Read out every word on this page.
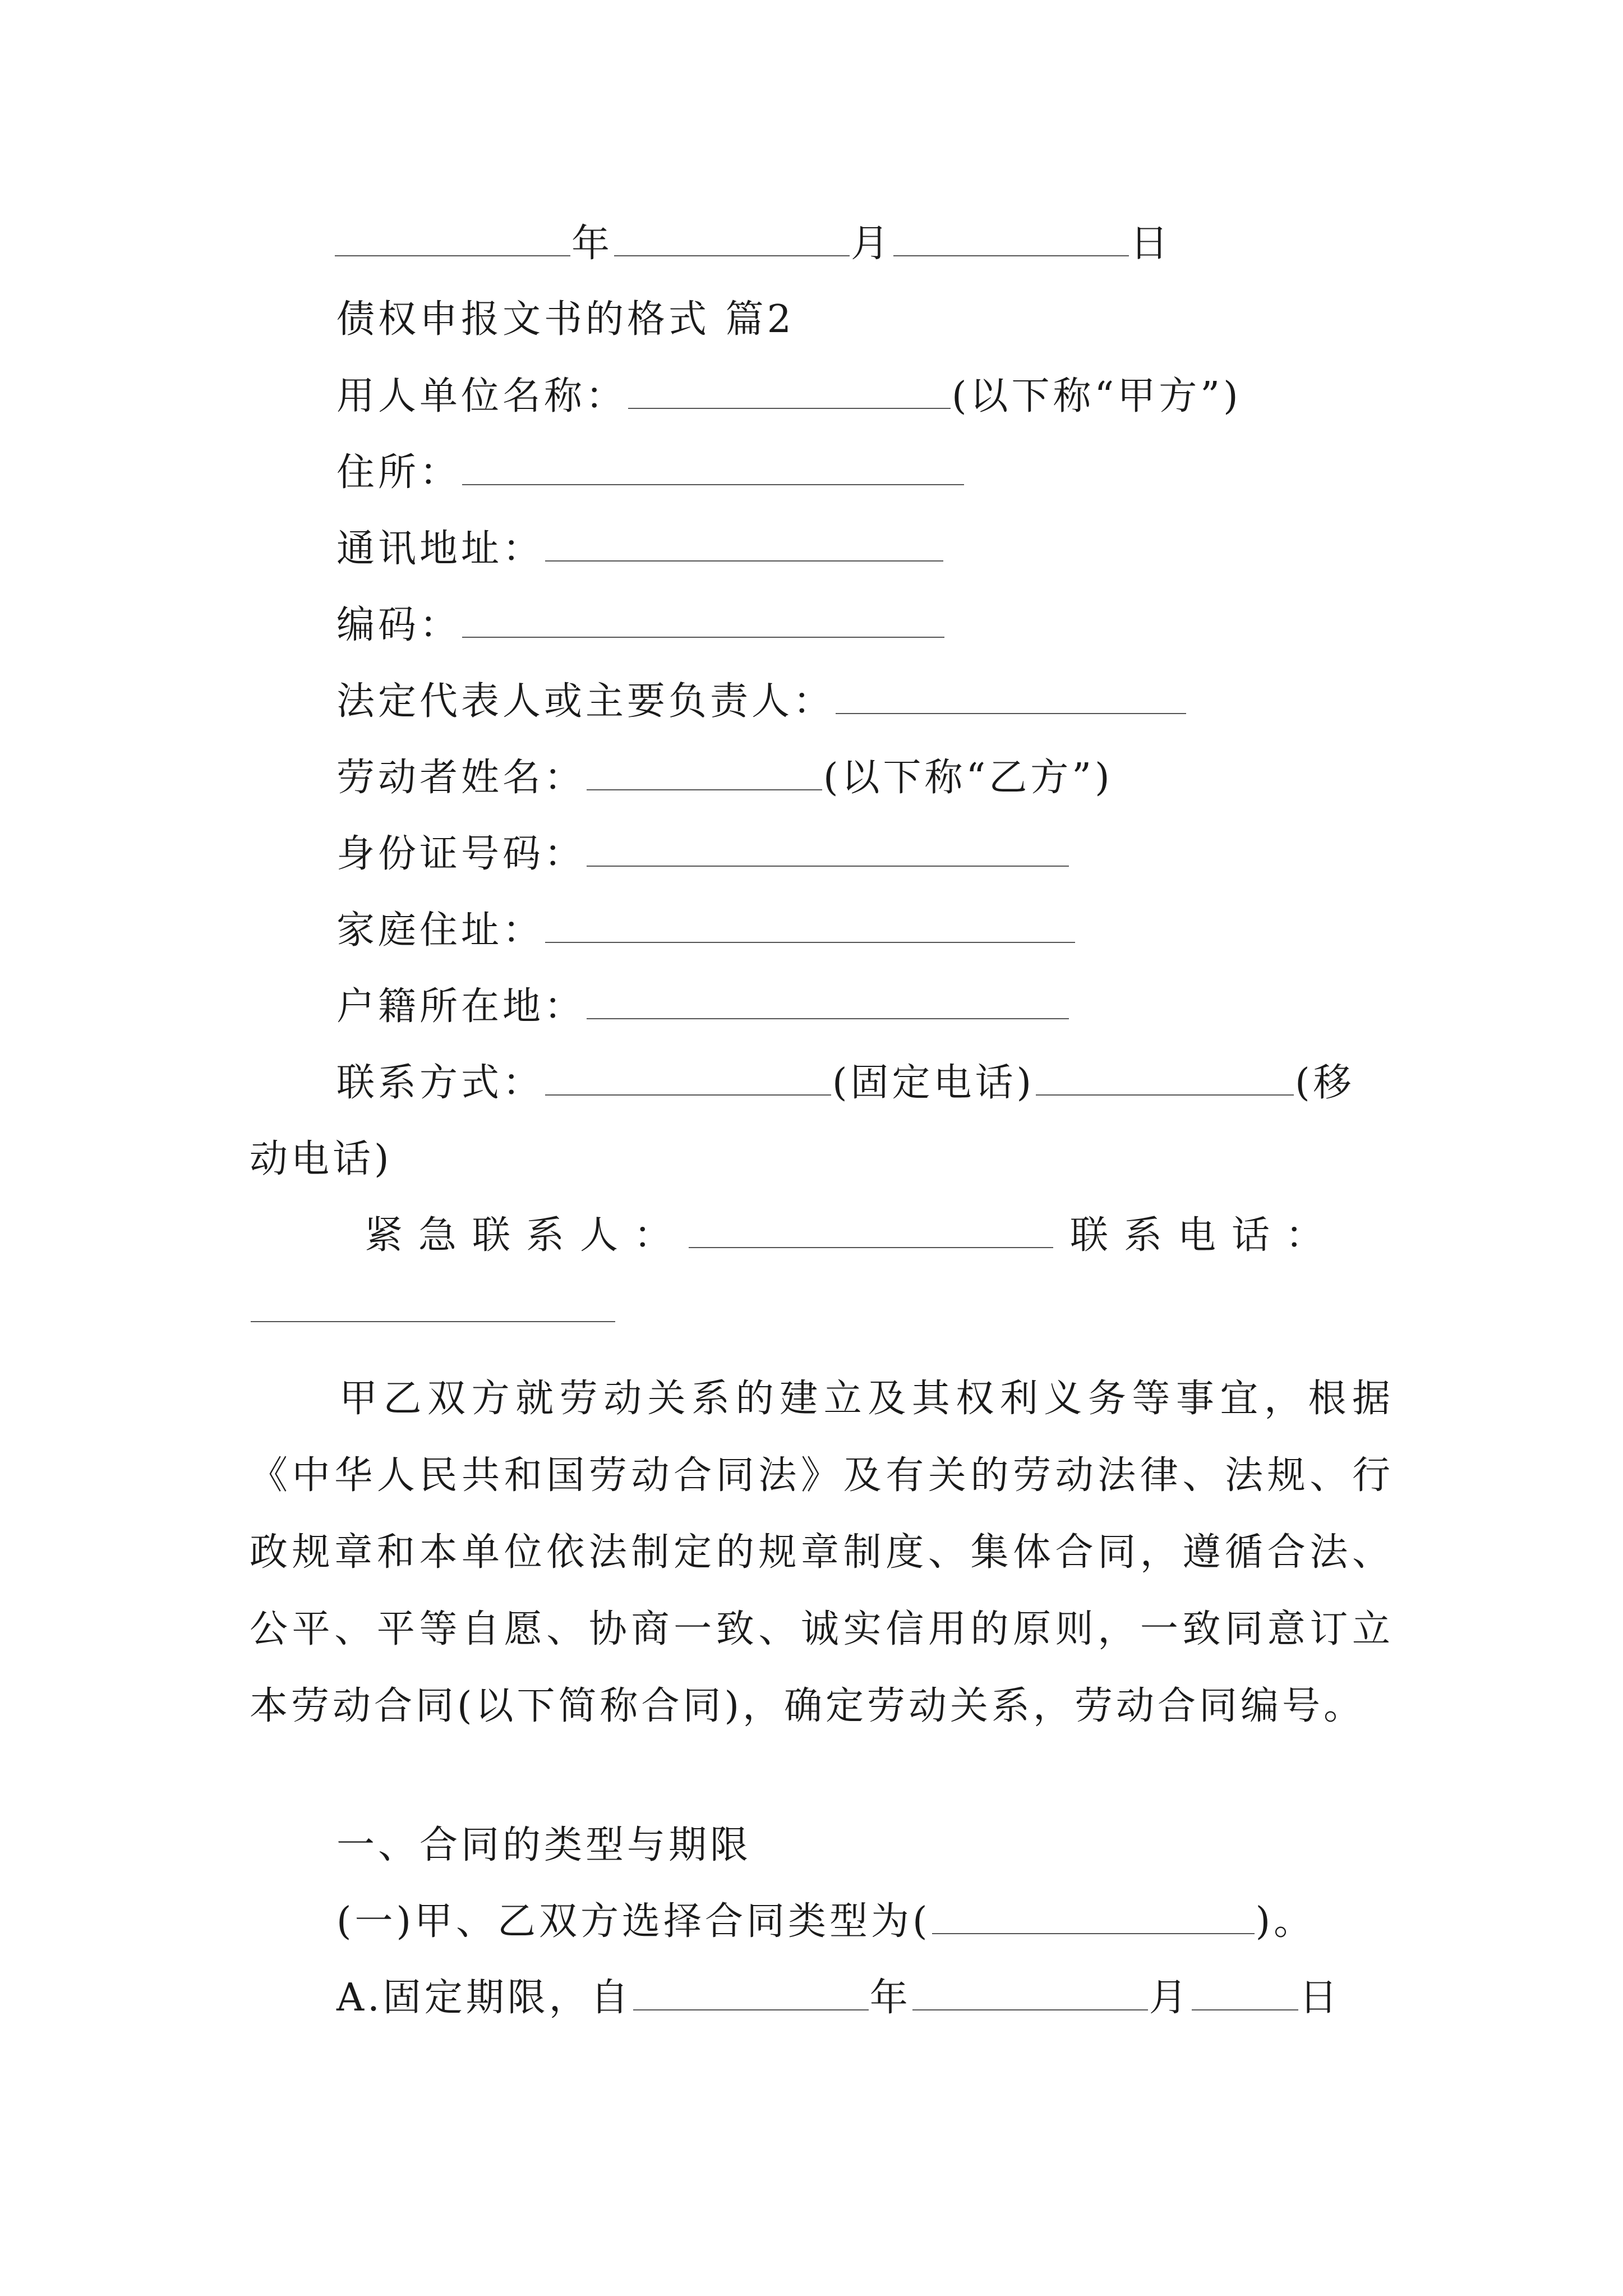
年	月	日
债权申报文书的格式 篇2
用人单位名称：	(以下称“甲方”)
住所：
通讯地址：
编码：
法定代表人或主要负责人：
劳动者姓名：	(以下称“乙方”)
身份证号码：
家庭住址：
户籍所在地：
联系方式：	(固定电话)	(移
动电话)
紧急联系人：	联系电话：
甲乙双方就劳动关系的建立及其权利义务等事宜，根据《中华人民共和国劳动合同法》及有关的劳动法律、法规、行政规章和本单位依法制定的规章制度、集体合同，遵循合法、公平、平等自愿、协商一致、诚实信用的原则，一致同意订立本劳动合同(以下简称合同)，确定劳动关系，劳动合同编号。
一、合同的类型与期限
(一)甲、乙双方选择合同类型为(	)。
A.固定期限，自	年	月	日
